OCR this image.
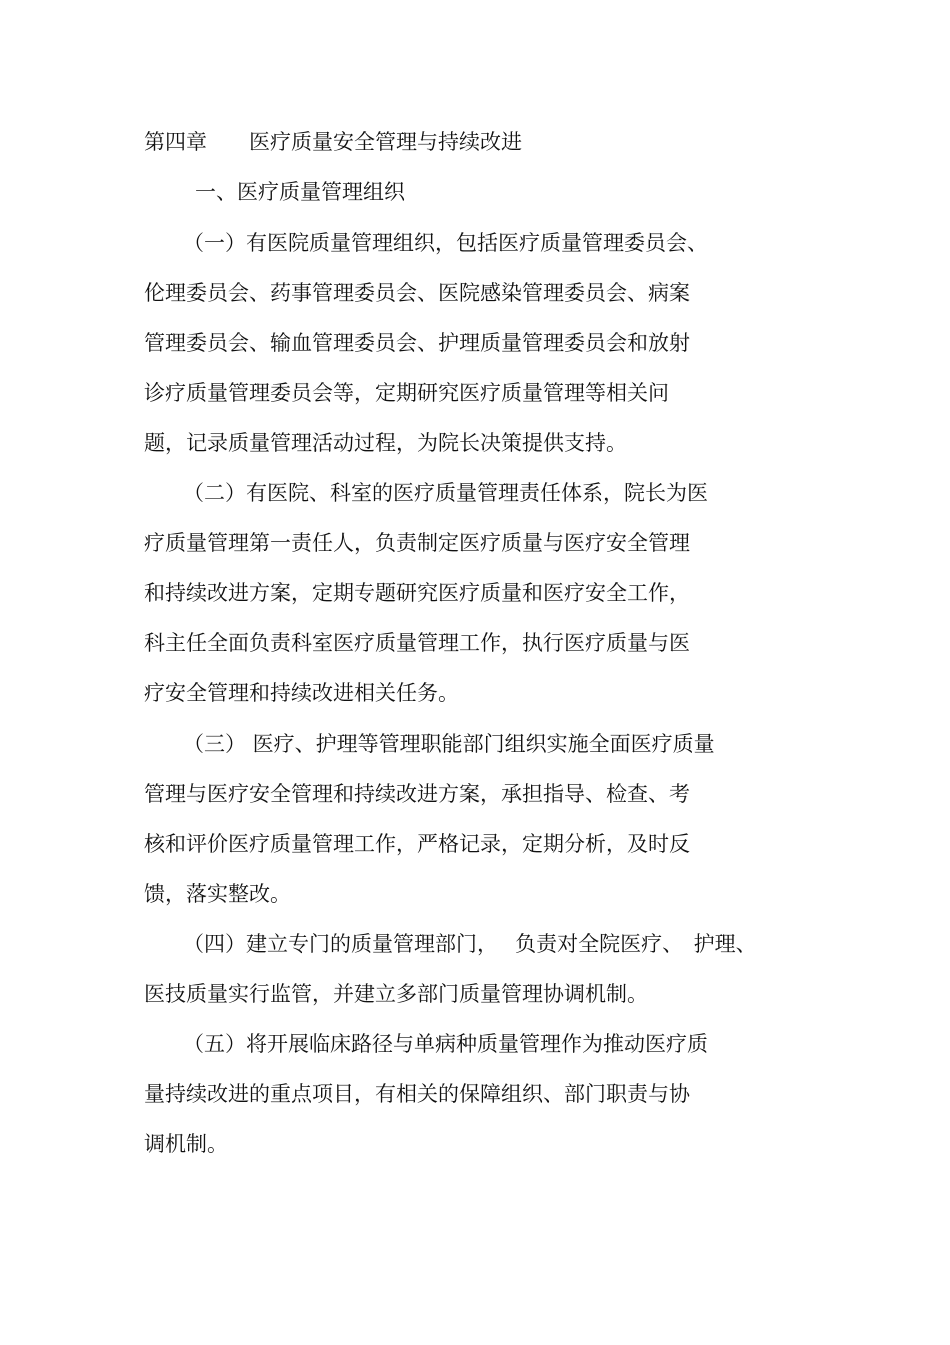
第四章　　医疗质量安全管理与持续改进
一、医疗质量管理组织
（一）有医院质量管理组织，包括医疗质量管理委员会、
伦理委员会、药事管理委员会、医院感染管理委员会、病案
管理委员会、输血管理委员会、护理质量管理委员会和放射
诊疗质量管理委员会等，定期研究医疗质量管理等相关问
题，记录质量管理活动过程，为院长决策提供支持。
（二）有医院、科室的医疗质量管理责任体系，院长为医
疗质量管理第一责任人，负责制定医疗质量与医疗安全管理
和持续改进方案，定期专题研究医疗质量和医疗安全工作，
科主任全面负责科室医疗质量管理工作，执行医疗质量与医
疗安全管理和持续改进相关任务。
（三） 医疗、护理等管理职能部门组织实施全面医疗质量
管理与医疗安全管理和持续改进方案，承担指导、检查、考
核和评价医疗质量管理工作，严格记录，定期分析，及时反
馈，落实整改。
（四）建立专门的质量管理部门，　 负责对全院医疗、　护理、
医技质量实行监管，并建立多部门质量管理协调机制。
（五）将开展临床路径与单病种质量管理作为推动医疗质
量持续改进的重点项目，有相关的保障组织、部门职责与协
调机制。
